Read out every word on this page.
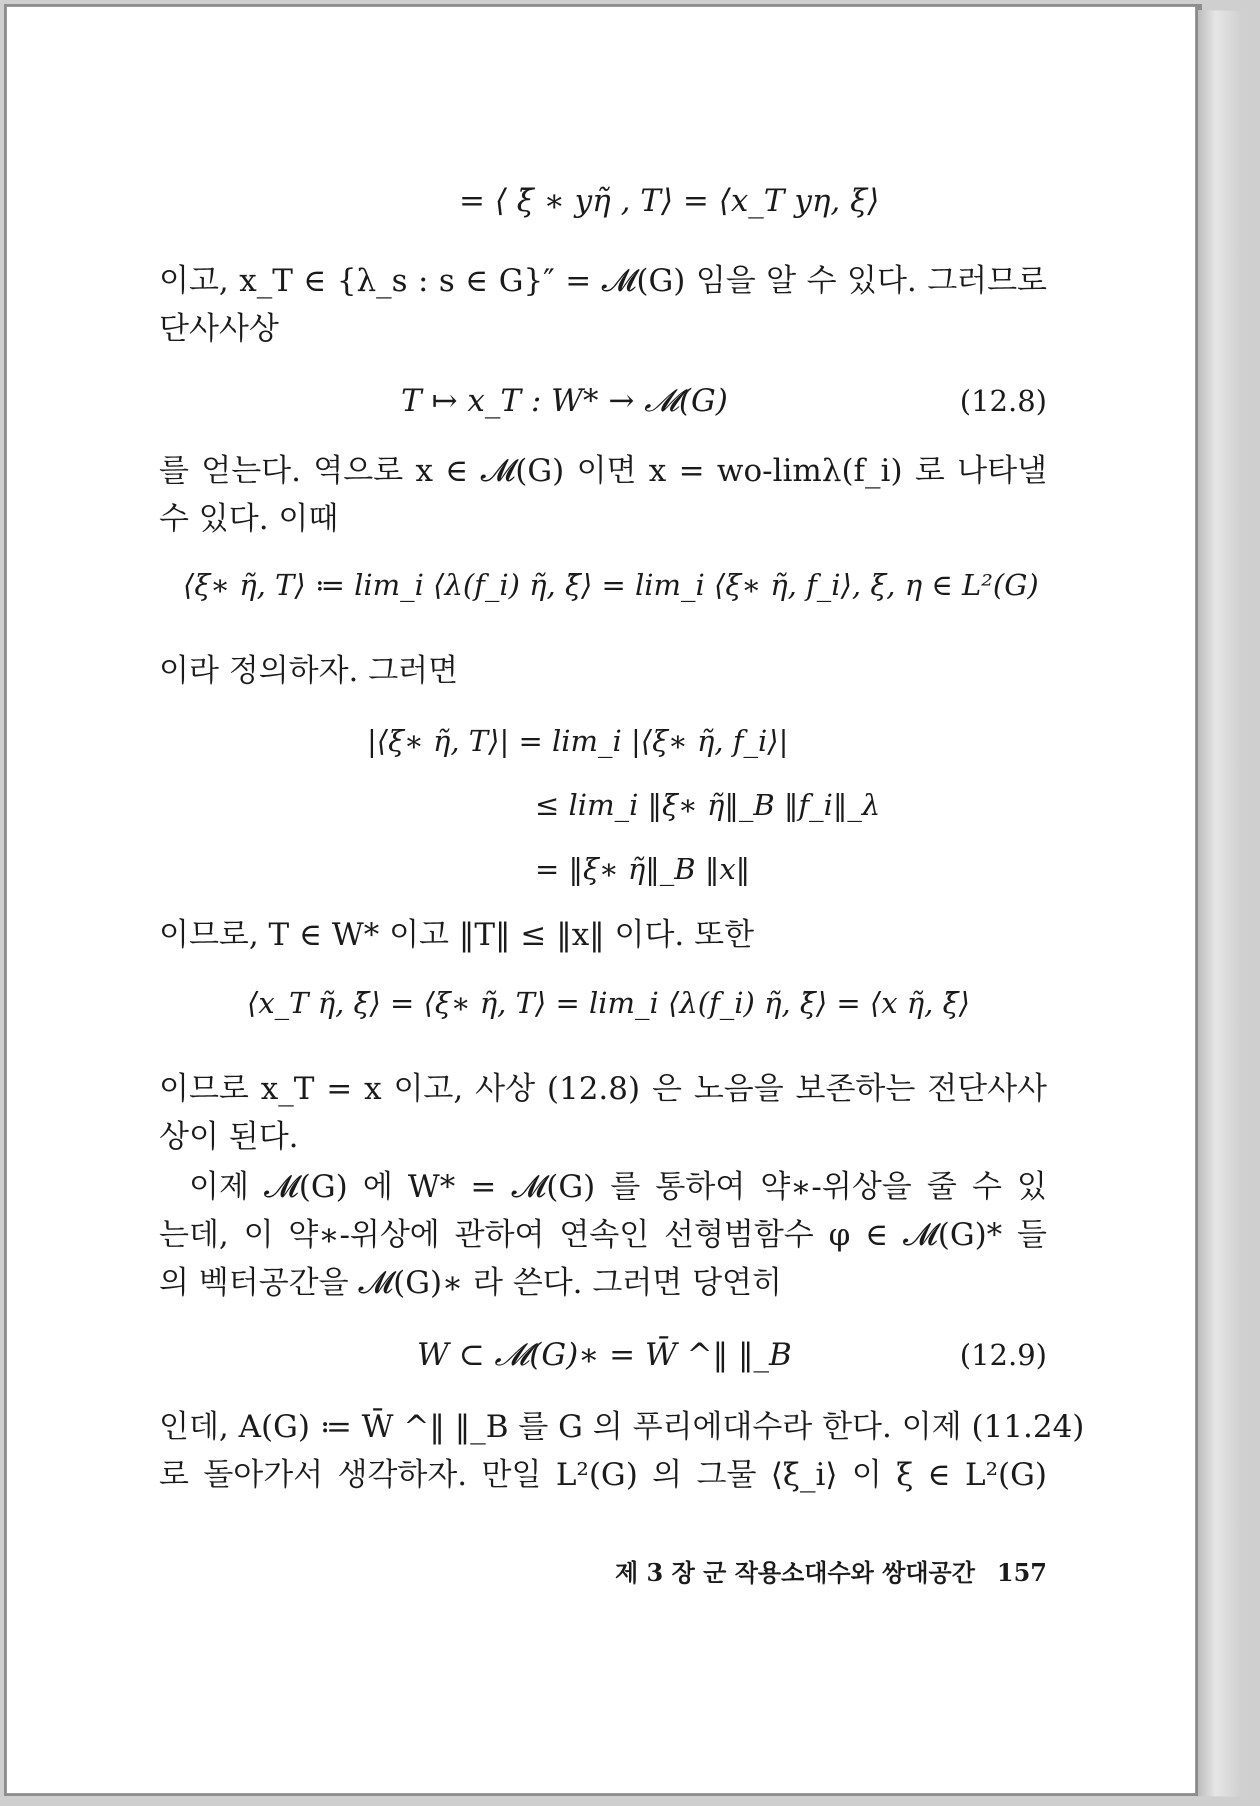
= ⟨ ξ̄ ∗ yη̃ , T⟩ = ⟨x_T yη, ξ⟩
이고, x_T ∈ {λ_s : s ∈ G}″ = 𝓜(G) 임을 알 수 있다. 그러므로
단사사상
T ↦ x_T : W* → 𝓜(G)	(12.8)
를 얻는다. 역으로 x ∈ 𝓜(G) 이면 x = wo-limλ(f_i) 로 나타낼
수 있다. 이때
⟨ξ∗ η̃, T⟩ ≔ lim_i ⟨λ(f_i) η̃, ξ̄⟩ = lim_i ⟨ξ∗ η̃, f_i⟩, ξ, η ∈ L²(G)
이라 정의하자. 그러면
|⟨ξ∗ η̃, T⟩| = lim_i |⟨ξ∗ η̃, f_i⟩|
≤ lim_i ‖ξ∗ η̃‖_B ‖f_i‖_λ
= ‖ξ∗ η̃‖_B ‖x‖
이므로, T ∈ W* 이고 ‖T‖ ≤ ‖x‖ 이다. 또한
⟨x_T η̃, ξ̄⟩ = ⟨ξ∗ η̃, T⟩ = lim_i ⟨λ(f_i) η̃, ξ̄⟩ = ⟨x η̃, ξ̄⟩
이므로 x_T = x 이고, 사상 (12.8) 은 노음을 보존하는 전단사사
상이 된다.
이제 𝓜(G) 에 W* = 𝓜(G) 를 통하여 약∗-위상을 줄 수 있
는데, 이 약∗-위상에 관하여 연속인 선형범함수 φ ∈ 𝓜(G)* 들
의 벡터공간을 𝓜(G)∗ 라 쓴다. 그러면 당연히
W ⊂ 𝓜(G)∗ = W̄ ^‖ ‖_B	(12.9)
인데, A(G) ≔ W̄ ^‖ ‖_B 를 G 의 푸리에대수라 한다. 이제 (11.24)
로 돌아가서 생각하자. 만일 L²(G) 의 그물 ⟨ξ_i⟩ 이 ξ ∈ L²(G)
제 3 장 군 작용소대수와 쌍대공간 157
